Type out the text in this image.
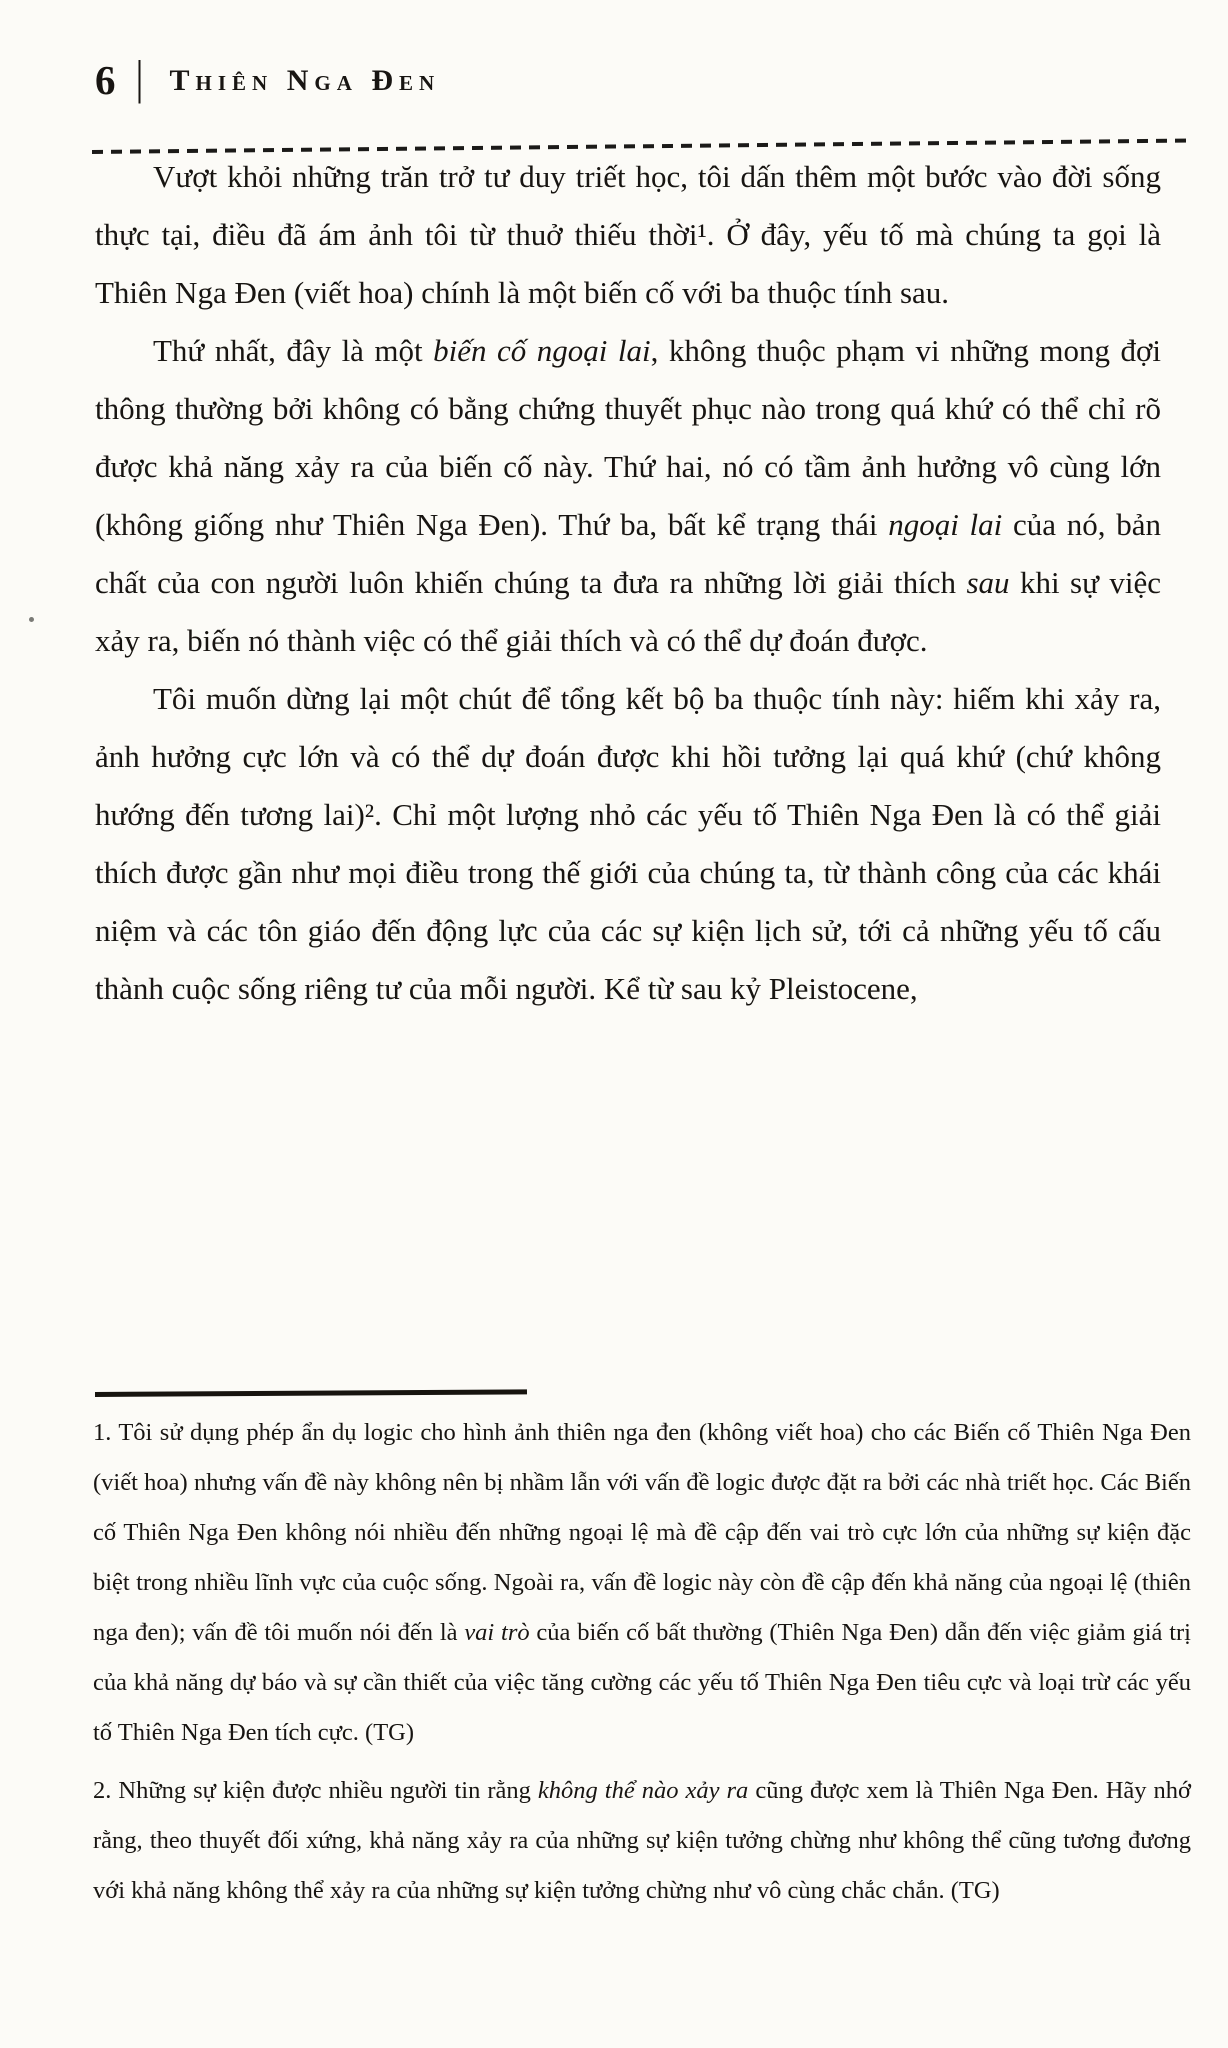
6 | Thiên Nga Đen

Vượt khỏi những trăn trở tư duy triết học, tôi dấn thêm một bước vào đời sống thực tại, điều đã ám ảnh tôi từ thuở thiếu thời¹. Ở đây, yếu tố mà chúng ta gọi là Thiên Nga Đen (viết hoa) chính là một biến cố với ba thuộc tính sau.

Thứ nhất, đây là một biến cố ngoại lai, không thuộc phạm vi những mong đợi thông thường bởi không có bằng chứng thuyết phục nào trong quá khứ có thể chỉ rõ được khả năng xảy ra của biến cố này. Thứ hai, nó có tầm ảnh hưởng vô cùng lớn (không giống như Thiên Nga Đen). Thứ ba, bất kể trạng thái ngoại lai của nó, bản chất của con người luôn khiến chúng ta đưa ra những lời giải thích sau khi sự việc xảy ra, biến nó thành việc có thể giải thích và có thể dự đoán được.

Tôi muốn dừng lại một chút để tổng kết bộ ba thuộc tính này: hiếm khi xảy ra, ảnh hưởng cực lớn và có thể dự đoán được khi hồi tưởng lại quá khứ (chứ không hướng đến tương lai)². Chỉ một lượng nhỏ các yếu tố Thiên Nga Đen là có thể giải thích được gần như mọi điều trong thế giới của chúng ta, từ thành công của các khái niệm và các tôn giáo đến động lực của các sự kiện lịch sử, tới cả những yếu tố cấu thành cuộc sống riêng tư của mỗi người. Kể từ sau kỷ Pleistocene,

1. Tôi sử dụng phép ẩn dụ logic cho hình ảnh thiên nga đen (không viết hoa) cho các Biến cố Thiên Nga Đen (viết hoa) nhưng vấn đề này không nên bị nhầm lẫn với vấn đề logic được đặt ra bởi các nhà triết học. Các Biến cố Thiên Nga Đen không nói nhiều đến những ngoại lệ mà đề cập đến vai trò cực lớn của những sự kiện đặc biệt trong nhiều lĩnh vực của cuộc sống. Ngoài ra, vấn đề logic này còn đề cập đến khả năng của ngoại lệ (thiên nga đen); vấn đề tôi muốn nói đến là vai trò của biến cố bất thường (Thiên Nga Đen) dẫn đến việc giảm giá trị của khả năng dự báo và sự cần thiết của việc tăng cường các yếu tố Thiên Nga Đen tiêu cực và loại trừ các yếu tố Thiên Nga Đen tích cực. (TG)

2. Những sự kiện được nhiều người tin rằng không thể nào xảy ra cũng được xem là Thiên Nga Đen. Hãy nhớ rằng, theo thuyết đối xứng, khả năng xảy ra của những sự kiện tưởng chừng như không thể cũng tương đương với khả năng không thể xảy ra của những sự kiện tưởng chừng như vô cùng chắc chắn. (TG)
